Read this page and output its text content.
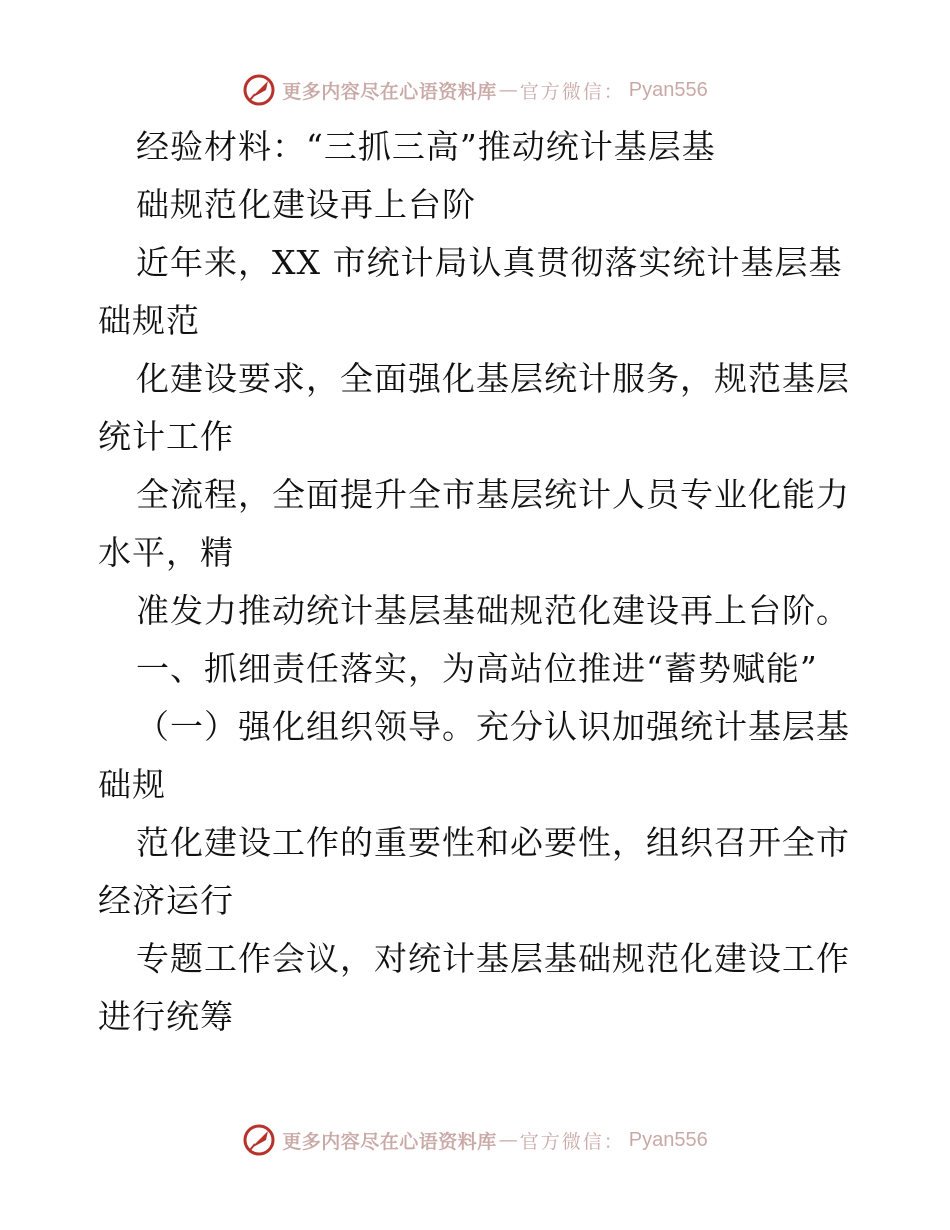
更多内容尽在心语资料库 — 官方微信： Pyan556
经验材料：“三抓三高”推动统计基层基
础规范化建设再上台阶
近年来，XX 市统计局认真贯彻落实统计基层基
础规范
化建设要求，全面强化基层统计服务，规范基层
统计工作
全流程，全面提升全市基层统计人员专业化能力
水平，精
准发力推动统计基层基础规范化建设再上台阶。
一、抓细责任落实，为高站位推进“蓄势赋能”
（一）强化组织领导。充分认识加强统计基层基
础规
范化建设工作的重要性和必要性，组织召开全市
经济运行
专题工作会议，对统计基层基础规范化建设工作
进行统筹
更多内容尽在心语资料库 — 官方微信： Pyan556
